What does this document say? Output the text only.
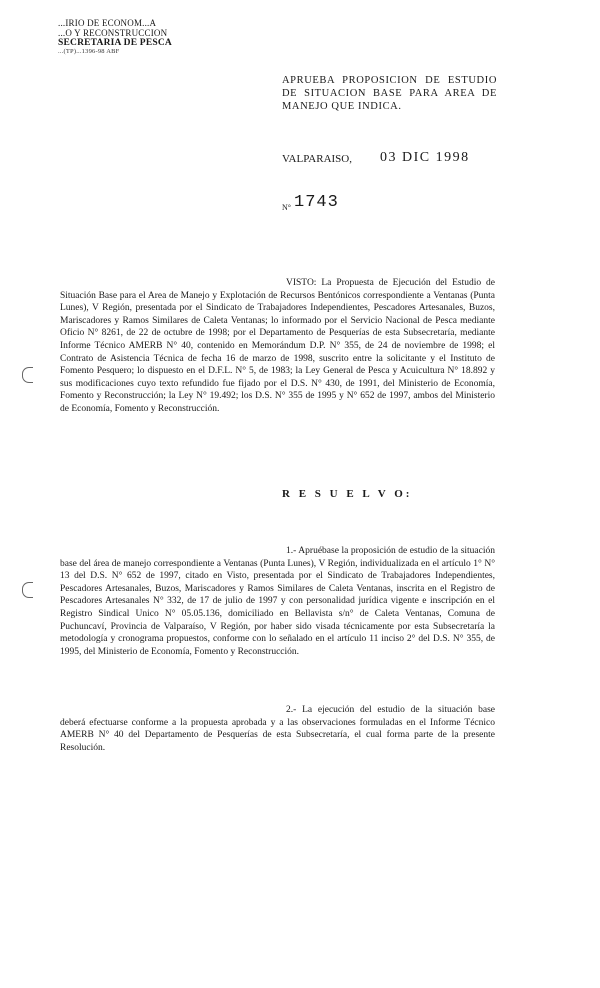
...IRIO DE ECONOM...A
...O Y RECONSTRUCCION
SECRETARIA DE PESCA
...(TP)...1396-98 ABF
APRUEBA PROPOSICION DE ESTUDIO DE SITUACION BASE PARA AREA DE MANEJO QUE INDICA.
VALPARAISO, 03 DIC 1998
N° 1743
VISTO: La Propuesta de Ejecución del Estudio de Situación Base para el Area de Manejo y Explotación de Recursos Bentónicos correspondiente a Ventanas (Punta Lunes), V Región, presentada por el Sindicato de Trabajadores Independientes, Pescadores Artesanales, Buzos, Mariscadores y Ramos Similares de Caleta Ventanas; lo informado por el Servicio Nacional de Pesca mediante Oficio N° 8261, de 22 de octubre de 1998; por el Departamento de Pesquerías de esta Subsecretaría, mediante Informe Técnico AMERB N° 40, contenido en Memorándum D.P. N° 355, de 24 de noviembre de 1998; el Contrato de Asistencia Técnica de fecha 16 de marzo de 1998, suscrito entre la solicitante y el Instituto de Fomento Pesquero; lo dispuesto en el D.F.L. N° 5, de 1983; la Ley General de Pesca y Acuicultura N° 18.892 y sus modificaciones cuyo texto refundido fue fijado por el D.S. N° 430, de 1991, del Ministerio de Economía, Fomento y Reconstrucción; la Ley N° 19.492; los D.S. N° 355 de 1995 y N° 652 de 1997, ambos del Ministerio de Economía, Fomento y Reconstrucción.
R E S U E L V O:
1.- Apruébase la proposición de estudio de la situación base del área de manejo correspondiente a Ventanas (Punta Lunes), V Región, individualizada en el artículo 1° N° 13 del D.S. N° 652 de 1997, citado en Visto, presentada por el Sindicato de Trabajadores Independientes, Pescadores Artesanales, Buzos, Mariscadores y Ramos Similares de Caleta Ventanas, inscrita en el Registro de Pescadores Artesanales N° 332, de 17 de julio de 1997 y con personalidad jurídica vigente e inscripción en el Registro Sindical Unico N° 05.05.136, domiciliado en Bellavista s/n° de Caleta Ventanas, Comuna de Puchuncaví, Provincia de Valparaíso, V Región, por haber sido visada técnicamente por esta Subsecretaría la metodología y cronograma propuestos, conforme con lo señalado en el artículo 11 inciso 2° del D.S. N° 355, de 1995, del Ministerio de Economía, Fomento y Reconstrucción.
2.- La ejecución del estudio de la situación base deberá efectuarse conforme a la propuesta aprobada y a las observaciones formuladas en el Informe Técnico AMERB N° 40 del Departamento de Pesquerías de esta Subsecretaría, el cual forma parte de la presente Resolución.
